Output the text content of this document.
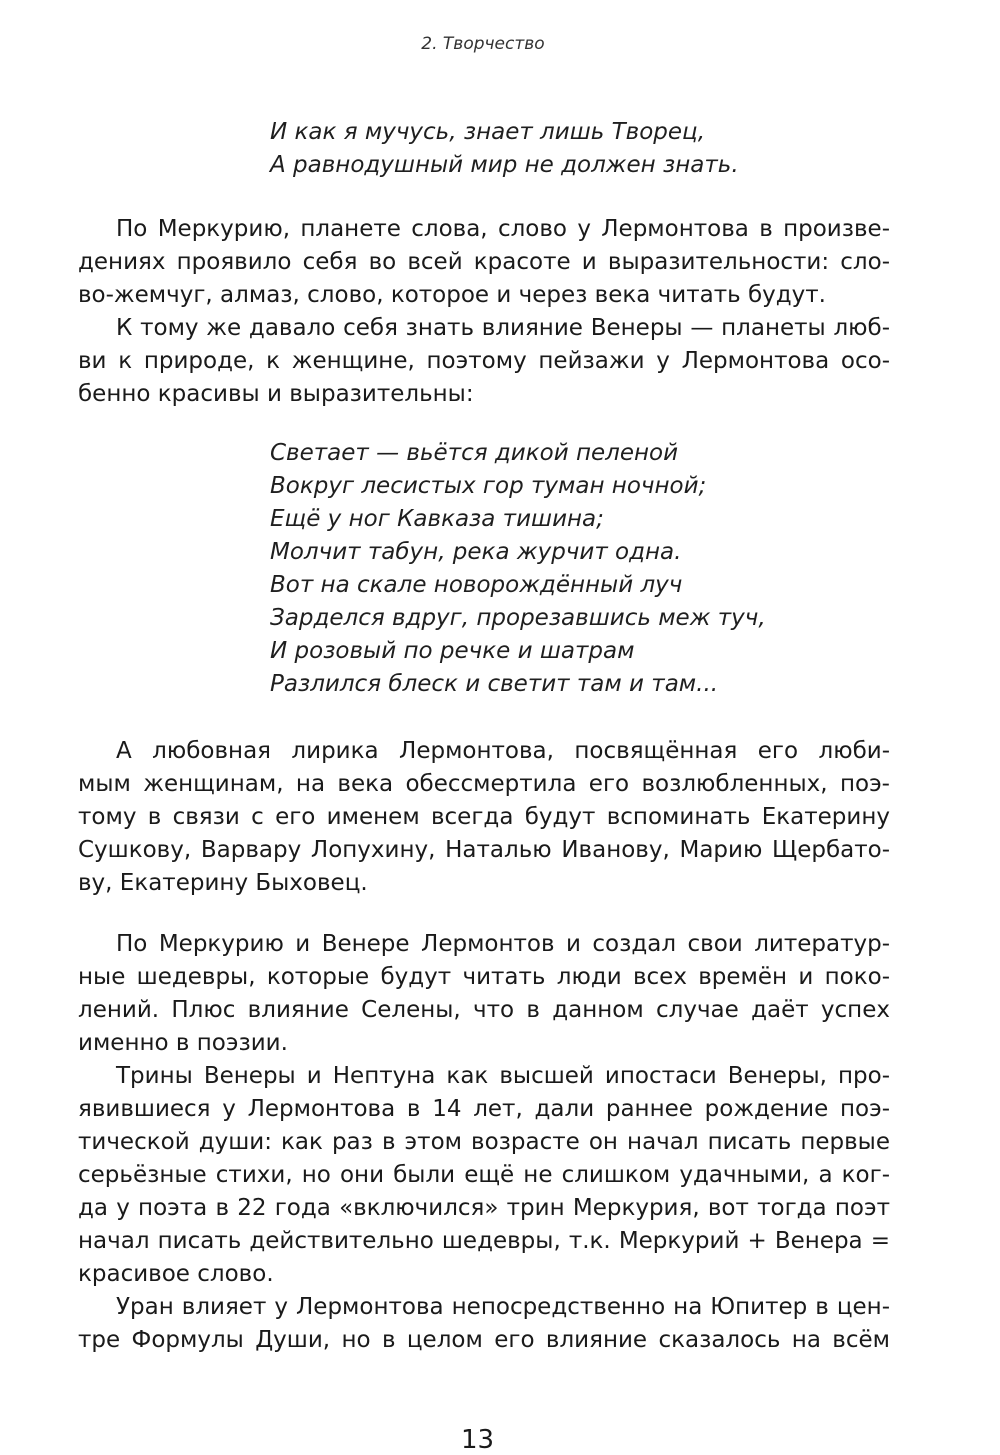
2. Творчество
И как я мучусь, знает лишь Творец,
А равнодушный мир не должен знать.
По Меркурию, планете слова, слово у Лермонтова в произве-
дениях проявило себя во всей красоте и выразительности: сло-
во-жемчуг, алмаз, слово, которое и через века читать будут.
К тому же давало себя знать влияние Венеры — планеты люб-
ви к природе, к женщине, поэтому пейзажи у Лермонтова осо-
бенно красивы и выразительны:
Светает — вьётся дикой пеленой
Вокруг лесистых гор туман ночной;
Ещё у ног Кавказа тишина;
Молчит табун, река журчит одна.
Вот на скале новорождённый луч
Зарделся вдруг, прорезавшись меж туч,
И розовый по речке и шатрам
Разлился блеск и светит там и там...
А любовная лирика Лермонтова, посвящённая его люби-
мым женщинам, на века обессмертила его возлюбленных, поэ-
тому в связи с его именем всегда будут вспоминать Екатерину
Сушкову, Варвару Лопухину, Наталью Иванову, Марию Щербато-
ву, Екатерину Быховец.
По Меркурию и Венере Лермонтов и создал свои литератур-
ные шедевры, которые будут читать люди всех времён и поко-
лений. Плюс влияние Селены, что в данном случае даёт успех
именно в поэзии.
Трины Венеры и Нептуна как высшей ипостаси Венеры, про-
явившиеся у Лермонтова в 14 лет, дали раннее рождение поэ-
тической души: как раз в этом возрасте он начал писать первые
серьёзные стихи, но они были ещё не слишком удачными, а ког-
да у поэта в 22 года «включился» трин Меркурия, вот тогда поэт
начал писать действительно шедевры, т.к. Меркурий + Венера =
красивое слово.
Уран влияет у Лермонтова непосредственно на Юпитер в цен-
тре Формулы Души, но в целом его влияние сказалось на всём
13
